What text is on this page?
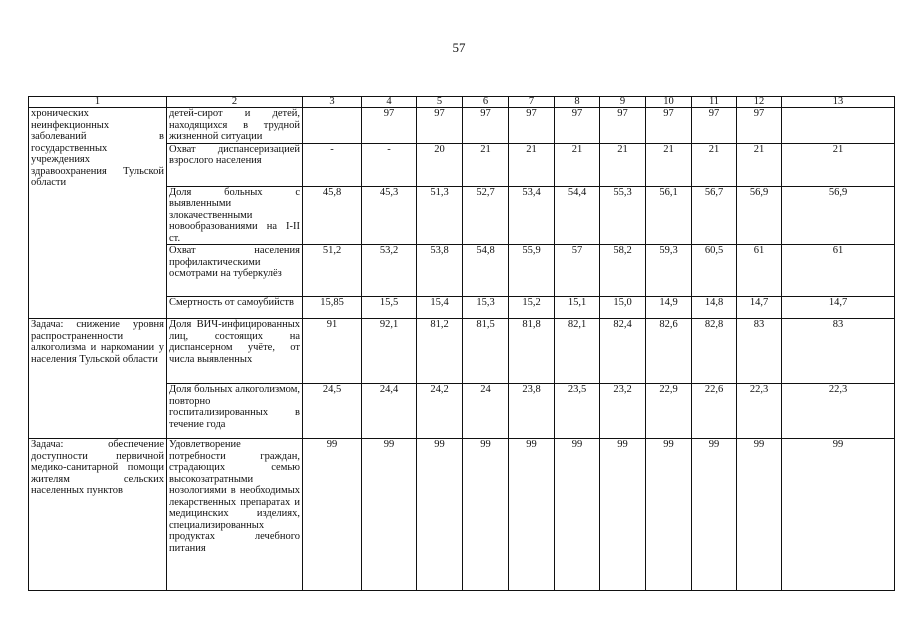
57
1	2	3	4	5	6	7	8	9	10	11	12	13
хронических неинфекционных заболеваний в государственных учреждениях здравоохранения Тульской области	детей-сирот и детей, находящихся в трудной жизненной ситуации		97	97	97	97	97	97	97	97	97	
	Охват диспансеризацией взрослого населения	-	-	20	21	21	21	21	21	21	21	21
	Доля больных с выявленными злокачественными новообразованиями на I-II ст.	45,8	45,3	51,3	52,7	53,4	54,4	55,3	56,1	56,7	56,9	56,9
	Охват населения профилактическими осмотрами на туберкулёз	51,2	53,2	53,8	54,8	55,9	57	58,2	59,3	60,5	61	61
	Смертность от самоубийств	15,85	15,5	15,4	15,3	15,2	15,1	15,0	14,9	14,8	14,7	14,7
Задача: снижение уровня распространенности алкоголизма и наркомании у населения Тульской области	Доля ВИЧ-инфицированных лиц, состоящих на диспансерном учёте, от числа выявленных	91	92,1	81,2	81,5	81,8	82,1	82,4	82,6	82,8	83	83
	Доля больных алкоголизмом, повторно госпитализированных в течение года	24,5	24,4	24,2	24	23,8	23,5	23,2	22,9	22,6	22,3	22,3
Задача: обеспечение доступности первичной медико-санитарной помощи жителям сельских населенных пунктов	Удовлетворение потребности граждан, страдающих семью высокозатратными нозологиями в необходимых лекарственных препаратах и медицинских изделиях, специализированных продуктах лечебного питания	99	99	99	99	99	99	99	99	99	99	99
